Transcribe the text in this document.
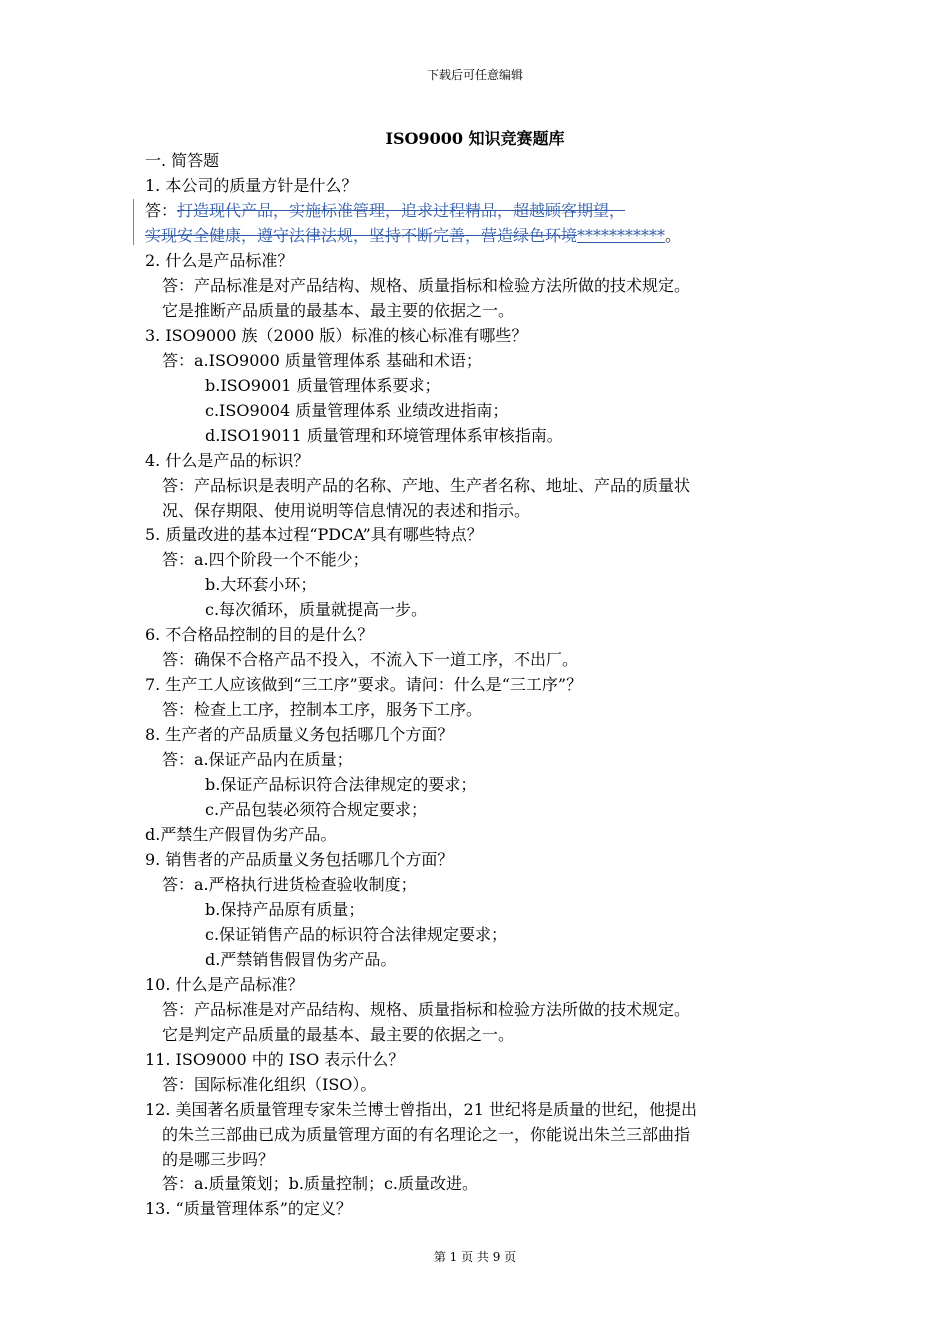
下载后可任意编辑
ISO9000 知识竞赛题库
一. 简答题
1. 本公司的质量方针是什么？
答：打造现代产品，实施标准管理，追求过程精品，超越顾客期望，
实现安全健康，遵守法律法规，坚持不断完善，营造绿色环境***********。
2. 什么是产品标准？
答：产品标准是对产品结构、规格、质量指标和检验方法所做的技术规定。
它是推断产品质量的最基本、最主要的依据之一。
3. ISO9000 族（2000 版）标准的核心标准有哪些？
答：a.ISO9000 质量管理体系 基础和术语；
b.ISO9001 质量管理体系要求；
c.ISO9004 质量管理体系 业绩改进指南；
d.ISO19011 质量管理和环境管理体系审核指南。
4. 什么是产品的标识？
答：产品标识是表明产品的名称、产地、生产者名称、地址、产品的质量状
况、保存期限、使用说明等信息情况的表述和指示。
5. 质量改进的基本过程“PDCA”具有哪些特点？
答：a.四个阶段一个不能少；
b.大环套小环；
c.每次循环，质量就提高一步。
6. 不合格品控制的目的是什么？
答：确保不合格产品不投入，不流入下一道工序，不出厂。
7. 生产工人应该做到“三工序”要求。请问：什么是“三工序”？
答：检查上工序，控制本工序，服务下工序。
8. 生产者的产品质量义务包括哪几个方面？
答：a.保证产品内在质量；
b.保证产品标识符合法律规定的要求；
c.产品包装必须符合规定要求；
d.严禁生产假冒伪劣产品。
9. 销售者的产品质量义务包括哪几个方面？
答：a.严格执行进货检查验收制度；
b.保持产品原有质量；
c.保证销售产品的标识符合法律规定要求；
d.严禁销售假冒伪劣产品。
10. 什么是产品标准？
答：产品标准是对产品结构、规格、质量指标和检验方法所做的技术规定。
它是判定产品质量的最基本、最主要的依据之一。
11. ISO9000 中的 ISO 表示什么？
答：国际标准化组织（ISO）。
12. 美国著名质量管理专家朱兰博士曾指出，21 世纪将是质量的世纪，他提出
的朱兰三部曲已成为质量管理方面的有名理论之一，你能说出朱兰三部曲指
的是哪三步吗？
答：a.质量策划；b.质量控制；c.质量改进。
13. “质量管理体系”的定义？
第 1 页 共 9 页
